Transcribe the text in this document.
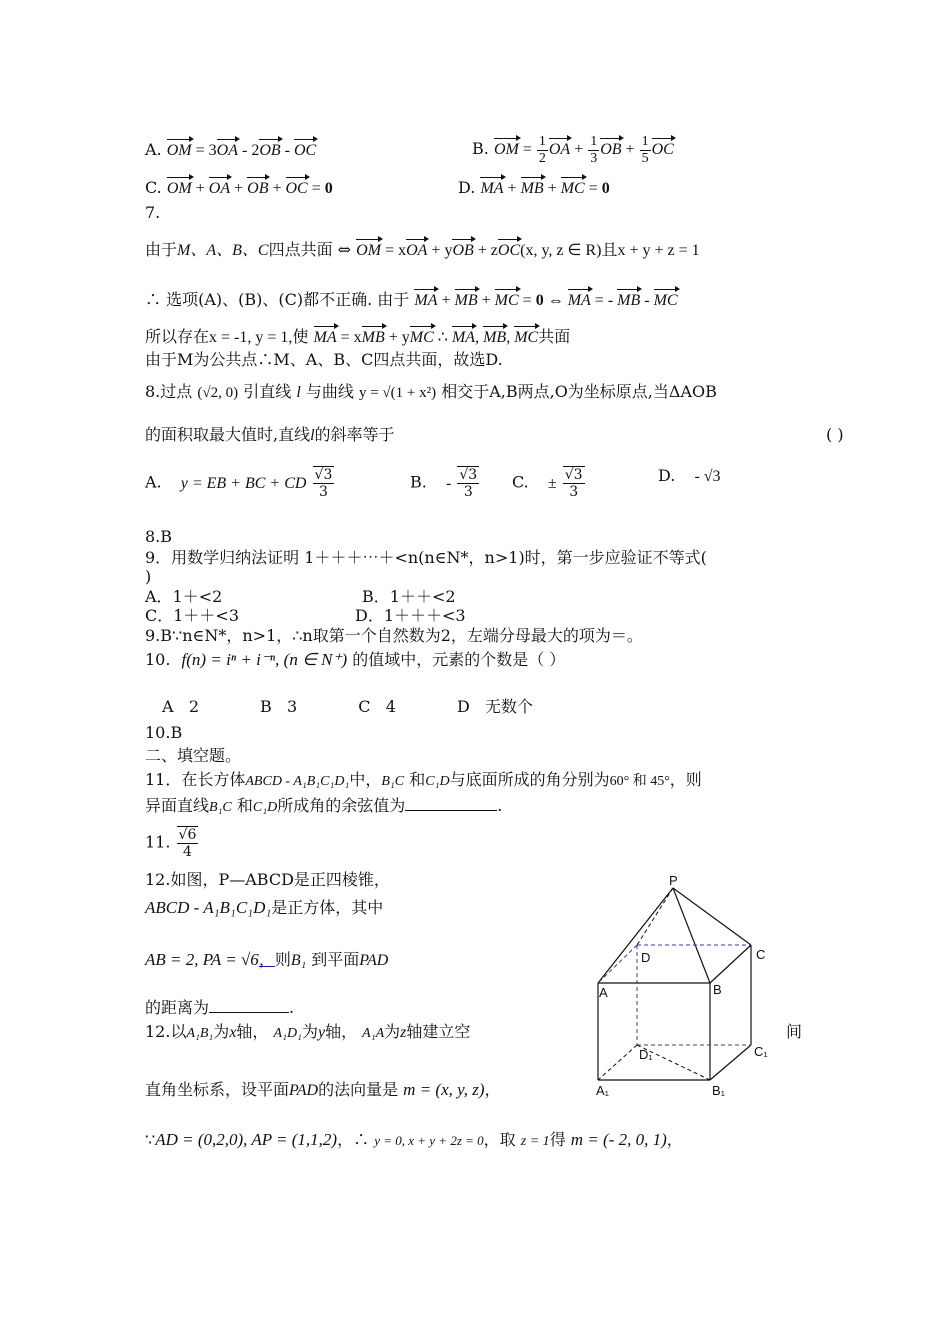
A. OM = 3OA - 2OB - OC	B. OM = $\frac{1}{2}$ OA + $\frac{1}{3}$ OB + $\frac{1}{5}$ OC
C. OM + OA + OB + OC = 0	D. MA + MB + MC = 0
7.
由于M、A、B、C四点共面 ⇔ OM = xOA + yOB + zOC(x, y, z ∈ R)且x + y + z = 1
∴ 选项(A)、(B)、(C)都不正确. 由于 MA + MB + MC = 0 ⇔ MA = - MB - MC
所以存在x = -1, y = 1,使 MA = xMB + yMC ∴ MA, MB, MC共面
由于M为公共点∴M、A、B、C四点共面，故选D.
8.过点 (√2, 0) 引直线 l 与曲线 y = √(1 + x²) 相交于A,B两点,O为坐标原点,当ΔAOB
的面积取最大值时,直线l的斜率等于	( )
A. y = EB + BC + CD $\frac{√3}{3}$	B. - $\frac{√3}{3} C$. ± $\frac{√3}{3}$	D. - √3
8.B
9．用数学归纳法证明 1＋＋＋⋯＋<n(n∈N*，n>1)时，第一步应验证不等式(
)
A．1＋<2	B．1＋＋<2
C．1＋＋<3	D．1＋＋＋<3
9.B∵n∈N*，n>1，∴n取第一个自然数为2，左端分母最大的项为＝。
10. f(n) = iⁿ + i⁻ⁿ, (n ∈ N⁺) 的值域中，元素的个数是（ ）
A   2            B   3            C   4            D   无数个
10.B
二、填空题。
11．在长方体ABCD - A₁B₁C₁D₁中，B₁C 和C₁D与底面所成的角分别为60° 和 45°，则
异面直线B₁C 和C₁D所成角的余弦值为	.
11. $\frac{√6}{4}$
12.如图，P—ABCD是正四棱锥，
ABCD - A₁B₁C₁D₁是正方体，其中
AB = 2, PA = √6，则B₁ 到平面PAD
的距离为	.
12.以A₁B₁为x轴， A₁D₁为y轴， A₁A为z轴建立空	间
直角坐标系，设平面PAD的法向量是 m = (x, y, z)，
∵AD = (0,2,0), AP = (1,1,2)，∴ y = 0, x + y + 2z = 0，取 z = 1得 m = (- 2, 0, 1)，
P
A	B
C
D
A₁	B₁
C₁
D₁
